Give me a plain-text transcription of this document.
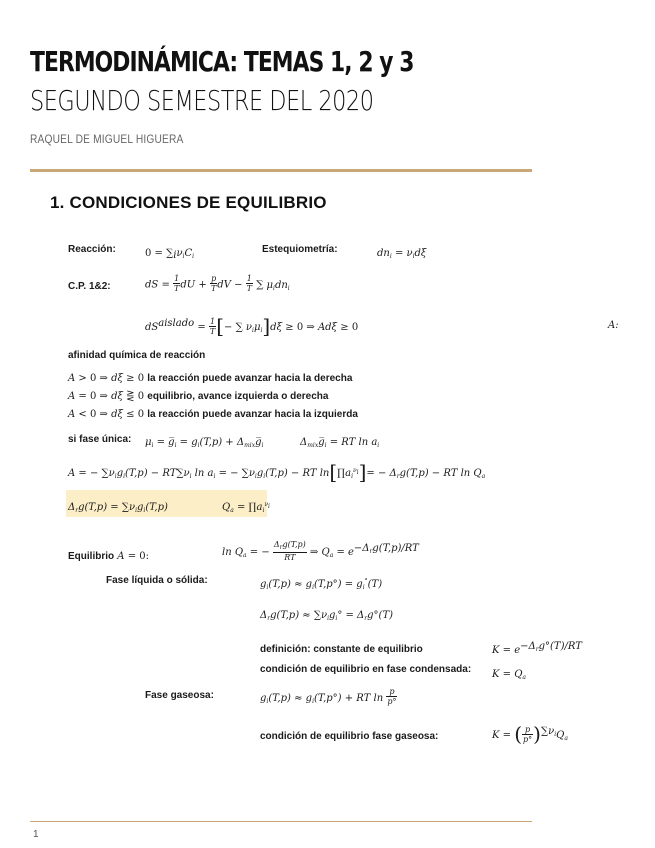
TERMODINÁMICA: TEMAS 1, 2 y 3
SEGUNDO SEMESTRE DEL 2020
RAQUEL DE MIGUEL HIGUERA
1. CONDICIONES DE EQUILIBRIO
Reacción:	$0 = \sum_i\nu_iC_i$
Estequiometría:	$dn_i = \nu_id\xi$
C.P. 1&2:	dS = $\frac{1}{T}$ dU + $\frac{p}{T}$ dV − $\frac{1}{T}$ ∑ $\mu_idn_i$
$dS^{aislado} = \frac{1}{T}$ [− ∑ $\nu_i\mu_i]d\xi \ge 0$ ⇒ Adξ ≥ 0	A:
afinidad química de reacción
A > 0 ⇒ dξ ≥ 0 la reacción puede avanzar hacia la derecha
A = 0 ⇒ dξ ⋛ 0 equilibrio, avance izquierda o derecha
A < 0 ⇒ dξ ≤ 0 la reacción puede avanzar hacia la izquierda
si fase única: $\mu_i$ = $g̅_i = g_i(T,p)$ + $\Delta_{mix}g̅_i$	$\Delta_{mix}g̅_i$ = RT $\ln a_i$
A = − $\sum\nu_ig_i(T,p) - RT\sum\nu_i$ $\ln a_i$ = − $\sum\nu_ig_i(T,p)$ − RT $\ln[\prod a_i^{\nu_i}]= - \Delta_rg(T,p)$ − RT $\ln Q_a$
$\Delta_rg(T,p) = \sum\nu_ig_i(T,p)$	$Q_a$ = $\prod a_i^{\nu_i}$
Equilibrio A = 0:	$\ln Q_a$ = − $\frac{\Delta_rg(T,p)}{RT}$ ⇒ $Q_a = e^{-\Delta_rg(T,p)/RT}$
Fase líquida o sólida:	$g_i(T,p) \approx g_i(T,p^\circ) = g_i^\circ(T)$
$\Delta_rg(T,p) \approx \sum\nu_ig_i^\circ = \Delta_rg^\circ(T)$
definición: constante de equilibrio	$K = e^{-\Delta_rg^\circ(T)/RT}$
condición de equilibrio en fase condensada: $K = Q_a$
Fase gaseosa:	$g_i(T,p) \approx g_i(T,p^\circ)$ + RT $\ln \frac{p}{p^\circ}$
condición de equilibrio fase gaseosa:	K = ( $\frac{p}{p^\circ} )^{\sum\nu_i}Q_a$
1
